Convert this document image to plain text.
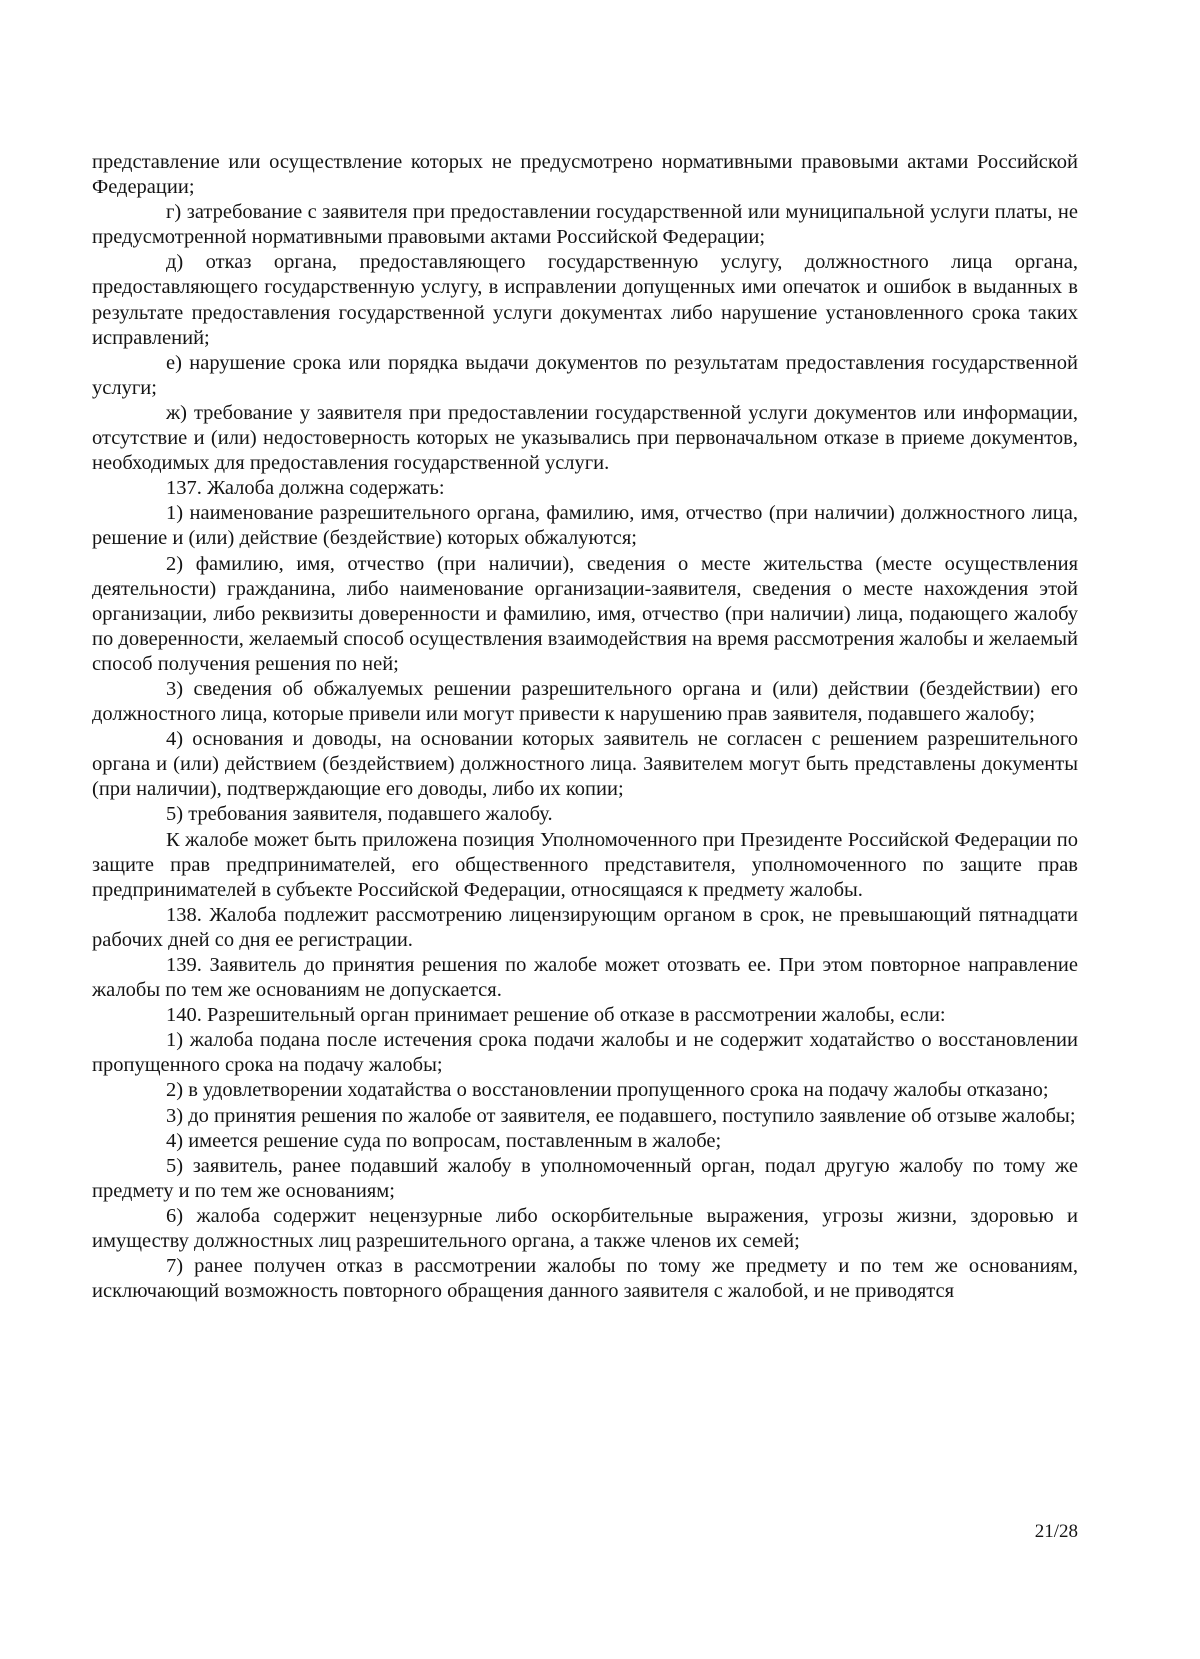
представление или осуществление которых не предусмотрено нормативными правовыми актами Российской Федерации;

г) затребование с заявителя при предоставлении государственной или муниципальной услуги платы, не предусмотренной нормативными правовыми актами Российской Федерации;

д) отказ органа, предоставляющего государственную услугу, должностного лица органа, предоставляющего государственную услугу, в исправлении допущенных ими опечаток и ошибок в выданных в результате предоставления государственной услуги документах либо нарушение установленного срока таких исправлений;

е) нарушение срока или порядка выдачи документов по результатам предоставления государственной услуги;

ж) требование у заявителя при предоставлении государственной услуги документов или информации, отсутствие и (или) недостоверность которых не указывались при первоначальном отказе в приеме документов, необходимых для предоставления государственной услуги.

137. Жалоба должна содержать:

1) наименование разрешительного органа, фамилию, имя, отчество (при наличии) должностного лица, решение и (или) действие (бездействие) которых обжалуются;

2) фамилию, имя, отчество (при наличии), сведения о месте жительства (месте осуществления деятельности) гражданина, либо наименование организации-заявителя, сведения о месте нахождения этой организации, либо реквизиты доверенности и фамилию, имя, отчество (при наличии) лица, подающего жалобу по доверенности, желаемый способ осуществления взаимодействия на время рассмотрения жалобы и желаемый способ получения решения по ней;

3) сведения об обжалуемых решении разрешительного органа и (или) действии (бездействии) его должностного лица, которые привели или могут привести к нарушению прав заявителя, подавшего жалобу;

4) основания и доводы, на основании которых заявитель не согласен с решением разрешительного органа и (или) действием (бездействием) должностного лица. Заявителем могут быть представлены документы (при наличии), подтверждающие его доводы, либо их копии;

5) требования заявителя, подавшего жалобу.

К жалобе может быть приложена позиция Уполномоченного при Президенте Российской Федерации по защите прав предпринимателей, его общественного представителя, уполномоченного по защите прав предпринимателей в субъекте Российской Федерации, относящаяся к предмету жалобы.

138. Жалоба подлежит рассмотрению лицензирующим органом в срок, не превышающий пятнадцати рабочих дней со дня ее регистрации.

139. Заявитель до принятия решения по жалобе может отозвать ее. При этом повторное направление жалобы по тем же основаниям не допускается.

140. Разрешительный орган принимает решение об отказе в рассмотрении жалобы, если:

1) жалоба подана после истечения срока подачи жалобы и не содержит ходатайство о восстановлении пропущенного срока на подачу жалобы;

2) в удовлетворении ходатайства о восстановлении пропущенного срока на подачу жалобы отказано;

3) до принятия решения по жалобе от заявителя, ее подавшего, поступило заявление об отзыве жалобы;

4) имеется решение суда по вопросам, поставленным в жалобе;

5) заявитель, ранее подавший жалобу в уполномоченный орган, подал другую жалобу по тому же предмету и по тем же основаниям;

6) жалоба содержит нецензурные либо оскорбительные выражения, угрозы жизни, здоровью и имуществу должностных лиц разрешительного органа, а также членов их семей;

7) ранее получен отказ в рассмотрении жалобы по тому же предмету и по тем же основаниям, исключающий возможность повторного обращения данного заявителя с жалобой, и не приводятся

21/28
